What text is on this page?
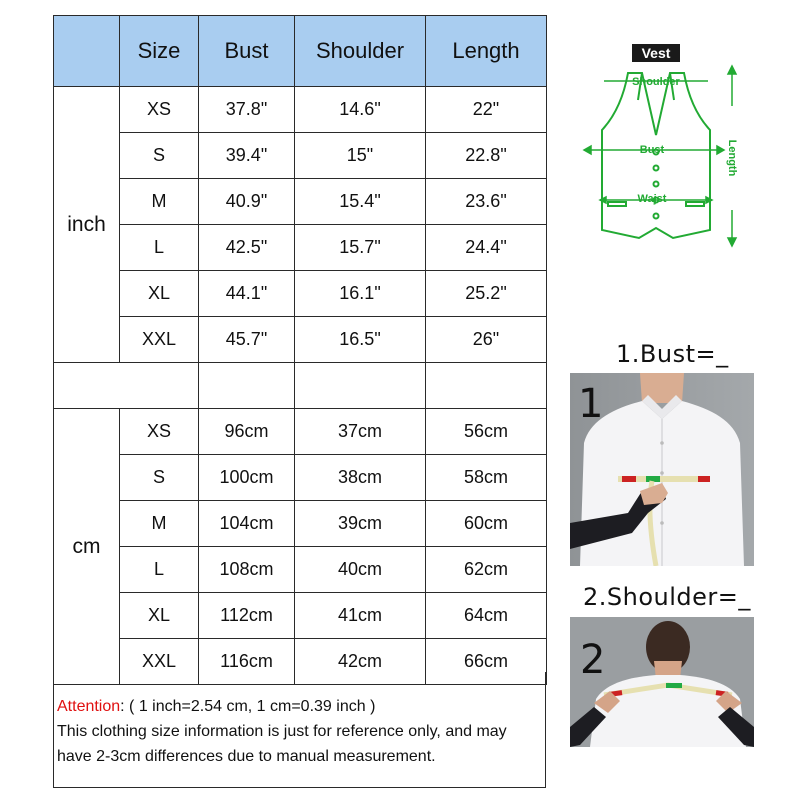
	Size	Bust	Shoulder	Length
inch	XS	37.8"	14.6"	22"
	S	39.4"	15"	22.8"
	M	40.9"	15.4"	23.6"
	L	42.5"	15.7"	24.4"
	XL	44.1"	16.1"	25.2"
	XXL	45.7"	16.5"	26"

cm	XS	96cm	37cm	56cm
	S	100cm	38cm	58cm
	M	104cm	39cm	60cm
	L	108cm	40cm	62cm
	XL	112cm	41cm	64cm
	XXL	116cm	42cm	66cm
Attention: ( 1 inch=2.54 cm, 1 cm=0.39 inch )
This clothing size information is just for reference only, and may have 2-3cm differences due to manual measurement.
Vest
Shoulder
Bust
Wajst
Length
1.Bust=_
1
2.Shoulder=_
2
